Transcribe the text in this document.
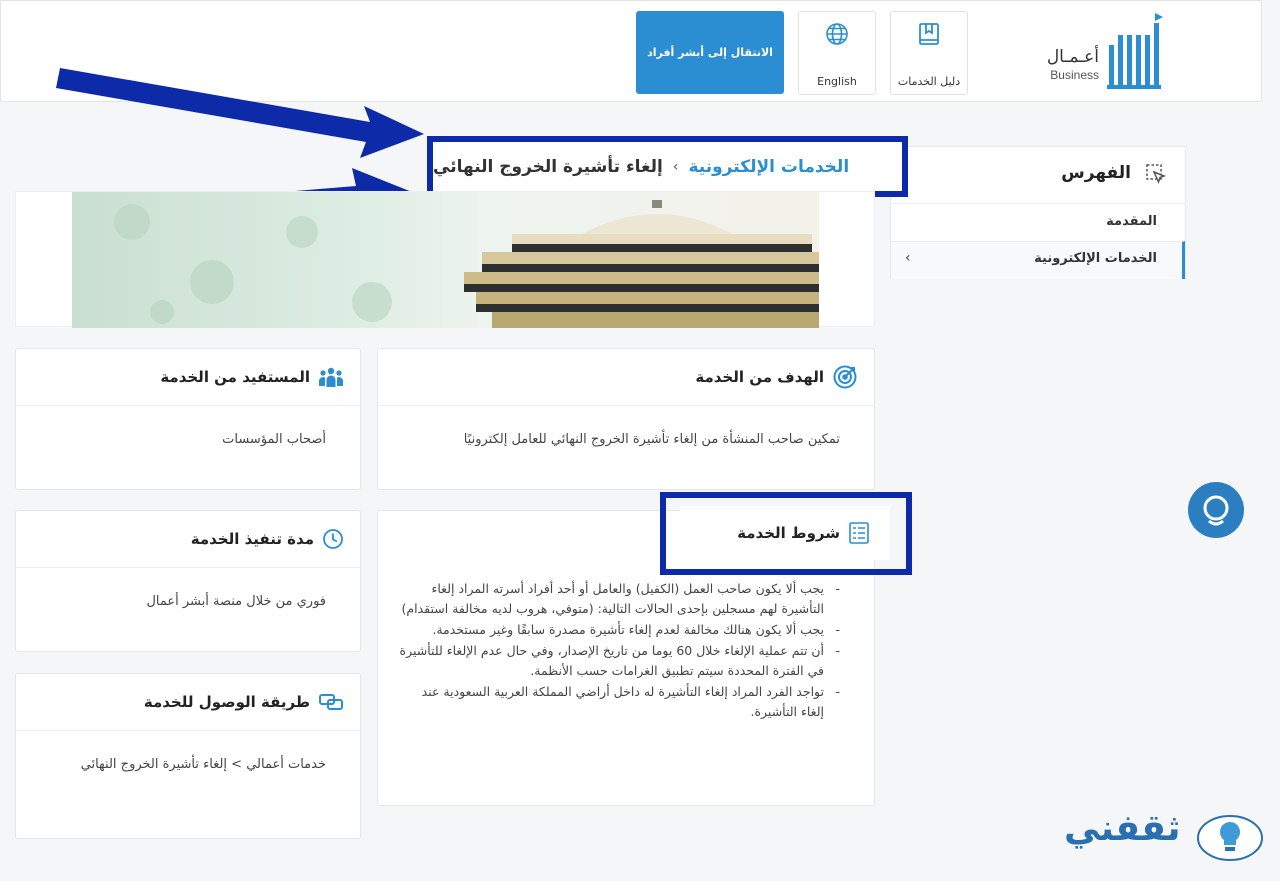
الانتقال إلى أبشر أفراد
English	دليل الخدمات
أعـمـال
Business
الفهرس
المقدمة
الخدمات الإلكترونية
›
الخدمات الإلكترونية
›
إلغاء تأشيرة الخروج النهائي
المستفيد من الخدمة
أصحاب المؤسسات
الهدف من الخدمة
تمكين صاحب المنشأة من إلغاء تأشيرة الخروج النهائي للعامل إلكترونيًا
مدة تنفيذ الخدمة
فوري من خلال منصة أبشر أعمال
- يجب ألا يكون صاحب العمل (الكفيل) والعامل أو أحد أفراد أسرته المراد إلغاء التأشيرة لهم مسجلين بإحدى الحالات التالية: (متوفي، هروب لديه مخالفة استقدام)
- يجب ألا يكون هنالك مخالفة لعدم إلغاء تأشيرة مصدرة سابقًا وغير مستخدمة.
- أن تتم عملية الإلغاء خلال 60 يوما من تاريخ الإصدار، وفي حال عدم الإلغاء للتأشيرة في الفترة المحددة سيتم تطبيق الغرامات حسب الأنظمة.
- تواجد الفرد المراد إلغاء التأشيرة له داخل أراضي المملكة العربية السعودية عند إلغاء التأشيرة.
شروط الخدمة
طريقة الوصول للخدمة
خدمات أعمالي > إلغاء تأشيرة الخروج النهائي
ثقفني
